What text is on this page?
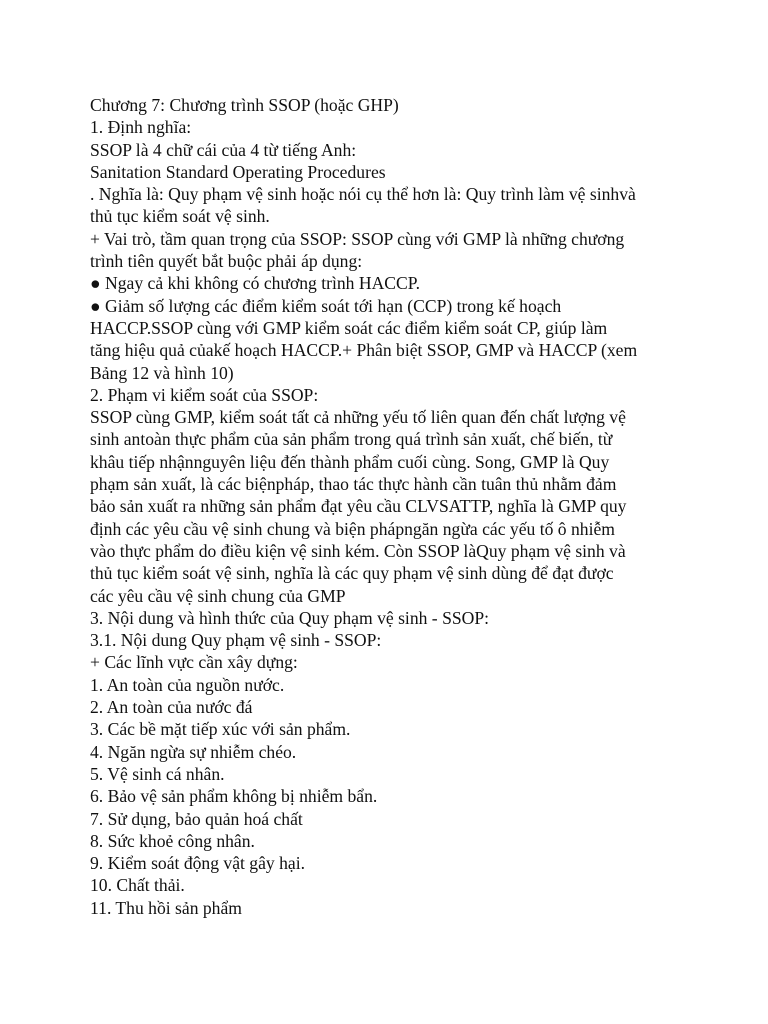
Chương 7: Chương trình SSOP (hoặc GHP)
1. Định nghĩa:
SSOP là 4 chữ cái của 4 từ tiếng Anh:
Sanitation Standard Operating Procedures
. Nghĩa là: Quy phạm vệ sinh hoặc nói cụ thể hơn là: Quy trình làm vệ sinhvà
thủ tục kiểm soát vệ sinh.
+ Vai trò, tầm quan trọng của SSOP: SSOP cùng với GMP là những chương
trình tiên quyết bắt buộc phải áp dụng:
● Ngay cả khi không có chương trình HACCP.
● Giảm số lượng các điểm kiểm soát tới hạn (CCP) trong kế hoạch
HACCP.SSOP cùng với GMP kiểm soát các điểm kiểm soát CP, giúp làm
tăng hiệu quả củakế hoạch HACCP.+ Phân biệt SSOP, GMP và HACCP (xem
Bảng 12 và hình 10)
2. Phạm vi kiểm soát của SSOP:
SSOP cùng GMP, kiểm soát tất cả những yếu tố liên quan đến chất lượng vệ
sinh antoàn thực phẩm của sản phẩm trong quá trình sản xuất, chế biến, từ
khâu tiếp nhậnnguyên liệu đến thành phẩm cuối cùng. Song, GMP là Quy
phạm sản xuất, là các biệnpháp, thao tác thực hành cần tuân thủ nhằm đảm
bảo sản xuất ra những sản phẩm đạt yêu cầu CLVSATTP, nghĩa là GMP quy
định các yêu cầu vệ sinh chung và biện phápngăn ngừa các yếu tố ô nhiễm
vào thực phẩm do điều kiện vệ sinh kém. Còn SSOP làQuy phạm vệ sinh và
thủ tục kiểm soát vệ sinh, nghĩa là các quy phạm vệ sinh dùng để đạt được
các yêu cầu vệ sinh chung của GMP
3. Nội dung và hình thức của Quy phạm vệ sinh - SSOP:
3.1. Nội dung Quy phạm vệ sinh - SSOP:
+ Các lĩnh vực cần xây dựng:
1. An toàn của nguồn nước.
2. An toàn của nước đá
3. Các bề mặt tiếp xúc với sản phẩm.
4. Ngăn ngừa sự nhiễm chéo.
5. Vệ sinh cá nhân.
6. Bảo vệ sản phẩm không bị nhiễm bẩn.
7. Sử dụng, bảo quản hoá chất
8. Sức khoẻ công nhân.
9. Kiểm soát động vật gây hại.
10. Chất thải.
11. Thu hồi sản phẩm
